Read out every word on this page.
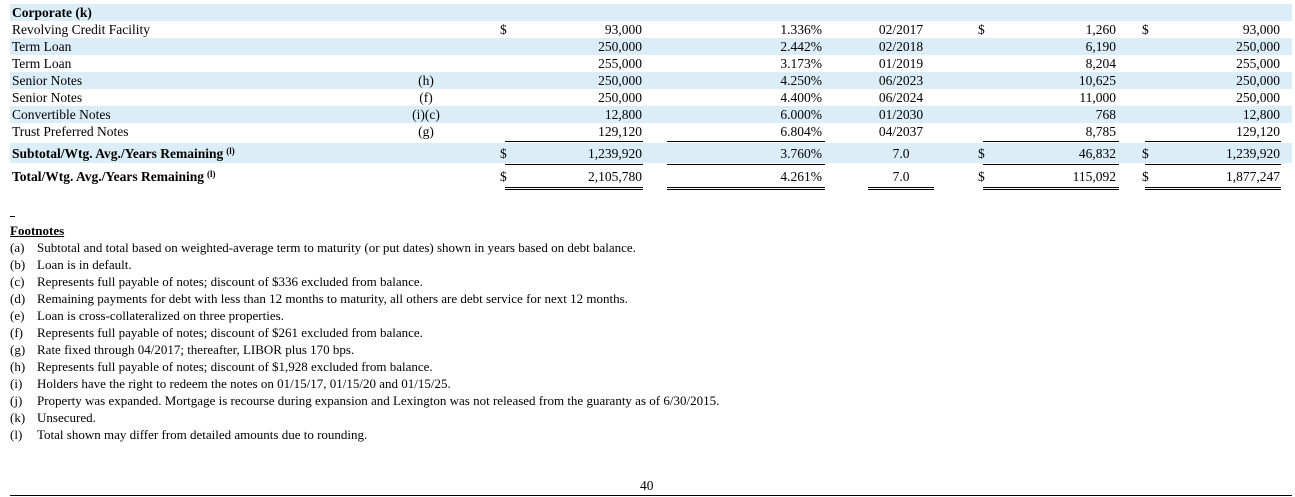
Corporate (k)
Revolving Credit Facility	$	93,000	1.336%	02/2017	$	1,260 $	93,000
Term Loan	250,000	2.442%	02/2018	6,190	250,000
Term Loan	255,000	3.173%	01/2019	8,204	255,000
Senior Notes	(h)	250,000	4.250%	06/2023	10,625	250,000
Senior Notes	(f)	250,000	4.400%	06/2024	11,000	250,000
Convertible Notes	(i)(c)	12,800	6.000%	01/2030	768	12,800
Trust Preferred Notes	(g)	129,120	6.804%	04/2037	8,785	129,120
Subtotal/Wtg. Avg./Years Remaining $^{(l)}$	$	1,239,920	3.760%	7.0	$	46,832 $	1,239,920
Total/Wtg. Avg./Years Remaining $^{(l)}$	$	2,105,780	4.261%	7.0	$	115,092 $	1,877,247
Footnotes
(a) Subtotal and total based on weighted-average term to maturity (or put dates) shown in years based on debt balance.
(b) Loan is in default.
(c) Represents full payable of notes; discount of $336 excluded from balance.
(d) Remaining payments for debt with less than 12 months to maturity, all others are debt service for next 12 months.
(e) Loan is cross-collateralized on three properties.
(f) Represents full payable of notes; discount of $261 excluded from balance.
(g) Rate fixed through 04/2017; thereafter, LIBOR plus 170 bps.
(h) Represents full payable of notes; discount of $1,928 excluded from balance.
(i) Holders have the right to redeem the notes on 01/15/17, 01/15/20 and 01/15/25.
(j) Property was expanded. Mortgage is recourse during expansion and Lexington was not released from the guaranty as of 6/30/2015.
(k) Unsecured.
(l) Total shown may differ from detailed amounts due to rounding.
40
